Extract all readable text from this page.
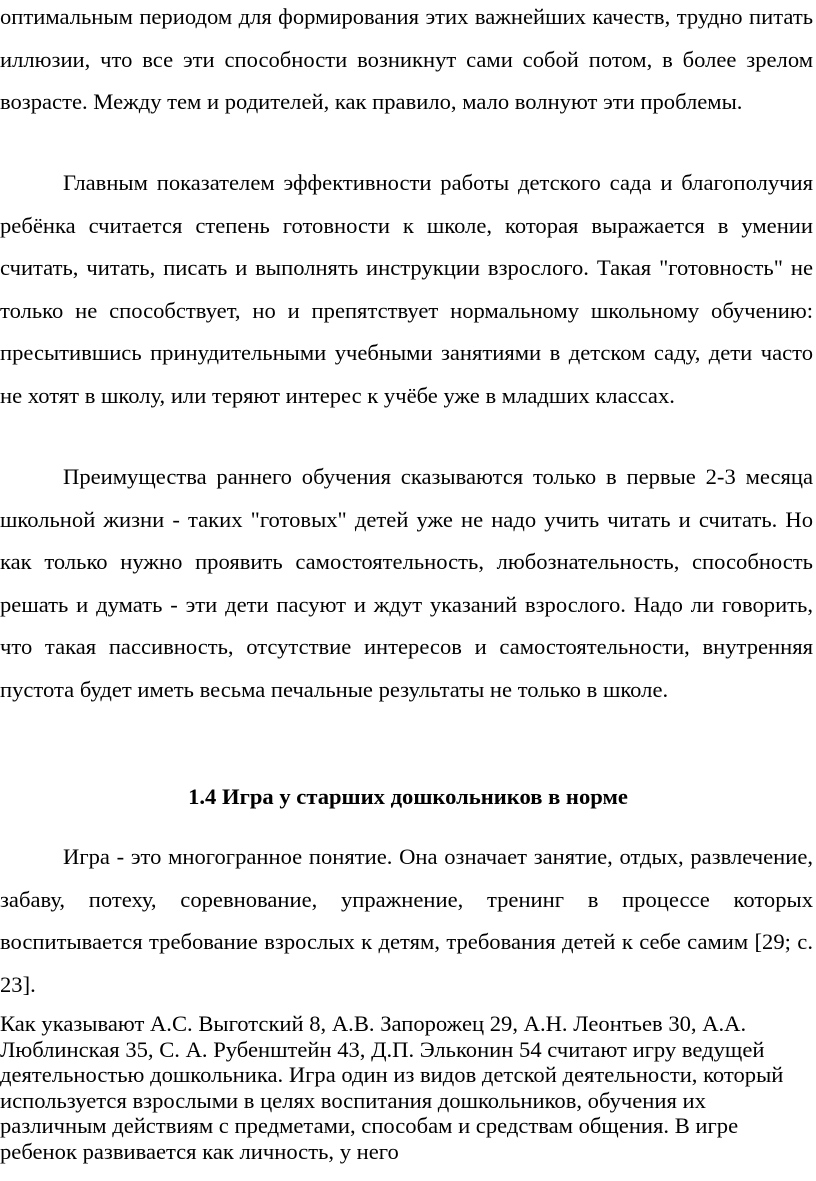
оптимальным периодом для формирования этих важнейших качеств, трудно питать иллюзии, что все эти способности возникнут сами собой потом, в более зрелом возрасте. Между тем и родителей, как правило, мало волнуют эти проблемы.

Главным показателем эффективности работы детского сада и благополучия ребёнка считается степень готовности к школе, которая выражается в умении считать, читать, писать и выполнять инструкции взрослого. Такая "готовность" не только не способствует, но и препятствует нормальному школьному обучению: пресытившись принудительными учебными занятиями в детском саду, дети часто не хотят в школу, или теряют интерес к учёбе уже в младших классах.

Преимущества раннего обучения сказываются только в первые 2-3 месяца школьной жизни - таких "готовых" детей уже не надо учить читать и считать. Но как только нужно проявить самостоятельность, любознательность, способность решать и думать - эти дети пасуют и ждут указаний взрослого. Надо ли говорить, что такая пассивность, отсутствие интересов и самостоятельности, внутренняя пустота будет иметь весьма печальные результаты не только в школе.

1.4 Игра у старших дошкольников в норме

Игра - это многогранное понятие. Она означает занятие, отдых, развлечение, забаву, потеху, соревнование, упражнение, тренинг в процессе которых воспитывается требование взрослых к детям, требования детей к себе самим [29; с. 23].

Как указывают А.С. Выготский 8, А.В. Запорожец 29, А.Н. Леонтьев 30, А.А. Люблинская 35, С. А. Рубенштейн 43, Д.П. Эльконин 54 считают игру ведущей деятельностью дошкольника. Игра один из видов детской деятельности, который используется взрослыми в целях воспитания дошкольников, обучения их различным действиям с предметами, способам и средствам общения. В игре ребенок развивается как личность, у него
